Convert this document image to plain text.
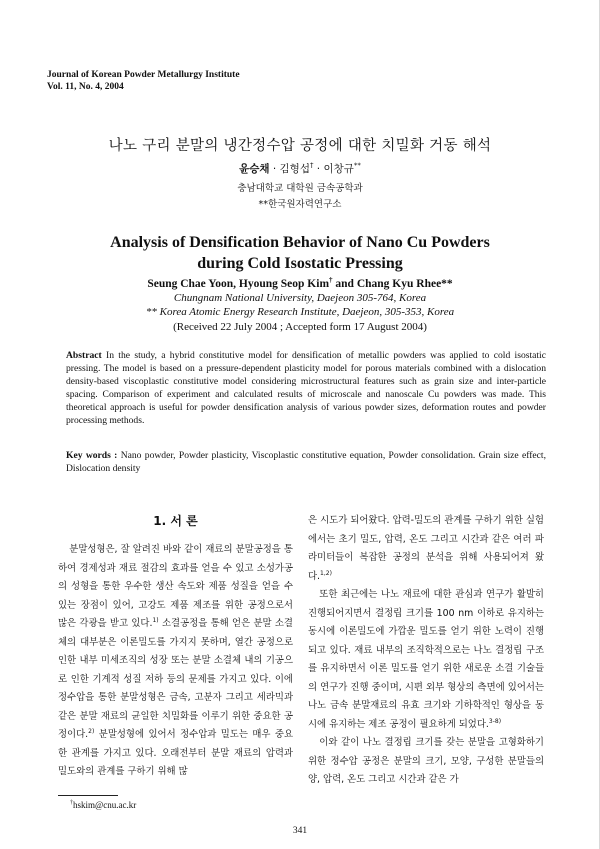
Journal of Korean Powder Metallurgy Institute
Vol. 11, No. 4, 2004
나노 구리 분말의 냉간정수압 공정에 대한 치밀화 거동 해석
윤승채 · 김형섭† · 이창규**
충남대학교 대학원 금속공학과
**한국원자력연구소
Analysis of Densification Behavior of Nano Cu Powders
during Cold Isostatic Pressing
Seung Chae Yoon, Hyoung Seop Kim† and Chang Kyu Rhee**
Chungnam National University, Daejeon 305-764, Korea
** Korea Atomic Energy Research Institute, Daejeon, 305-353, Korea
(Received 22 July 2004 ; Accepted form 17 August 2004)
Abstract In the study, a hybrid constitutive model for densification of metallic powders was applied to cold isostatic pressing. The model is based on a pressure-dependent plasticity model for porous materials combined with a dislocation density-based viscoplastic constitutive model considering microstructural features such as grain size and inter-particle spacing. Comparison of experiment and calculated results of microscale and nanoscale Cu powders was made. This theoretical approach is useful for powder densification analysis of various powder sizes, deformation routes and powder processing methods.
Key words : Nano powder, Powder plasticity, Viscoplastic constitutive equation, Powder consolidation. Grain size effect, Dislocation density
1. 서 론

분말성형은, 잘 알려진 바와 같이 재료의 분말공정을 통하여 경제성과 재료 절감의 효과를 얻을 수 있고 소성가공의 성형을 통한 우수한 생산 속도와 제품 성질을 얻을 수 있는 장점이 있어, 고강도 제품 제조를 위한 공정으로서 많은 각광을 받고 있다.$^{1)}$ 소결공정을 통해 얻은 분말 소결체의 대부분은 이론밀도를 가지지 못하며, 열간 공정으로 인한 내부 미세조직의 성장 또는 분말 소결체 내의 기공으로 인한 기계적 성질 저하 등의 문제를 가지고 있다. 이에 정수압을 통한 분말성형은 금속, 고분자 그리고 세라믹과 같은 분말 재료의 균일한 치밀화를 이루기 위한 중요한 공정이다.$^{2)}$ 분말성형에 있어서 정수압과 밀도는 매우 중요한 관계를 가지고 있다. 오래전부터 분말 재료의 압력과 밀도와의 관계를 구하기 위해 많

은 시도가 되어왔다. 압력-밀도의 관계를 구하기 위한 실험에서는 초기 밀도, 압력, 온도 그리고 시간과 같은 여러 파라미터들이 복잡한 공정의 분석을 위해 사용되어져 왔다.$^{1,2)}$

또한 최근에는 나노 재료에 대한 관심과 연구가 활발히 진행되어지면서 결정립 크기를 100 nm 이하로 유지하는 동시에 이론밀도에 가깝운 밀도를 얻기 위한 노력이 진행되고 있다. 재료 내부의 조직학적으로는 나노 결정립 구조를 유지하면서 이론 밀도를 얻기 위한 새로운 소결 기술들의 연구가 진행 중이며, 시편 외부 형상의 측면에 있어서는 나노 금속 분말재료의 유효 크기와 기하학적인 형상을 동시에 유지하는 제조 공정이 필요하게 되었다.$^{3-8)}$

이와 같이 나노 결정립 크기를 갖는 분말을 고형화하기 위한 정수압 공정은 분말의 크기, 모양, 구성한 분말들의 양, 압력, 온도 그리고 시간과 같은 가

†hskim@cnu.ac.kr
341
